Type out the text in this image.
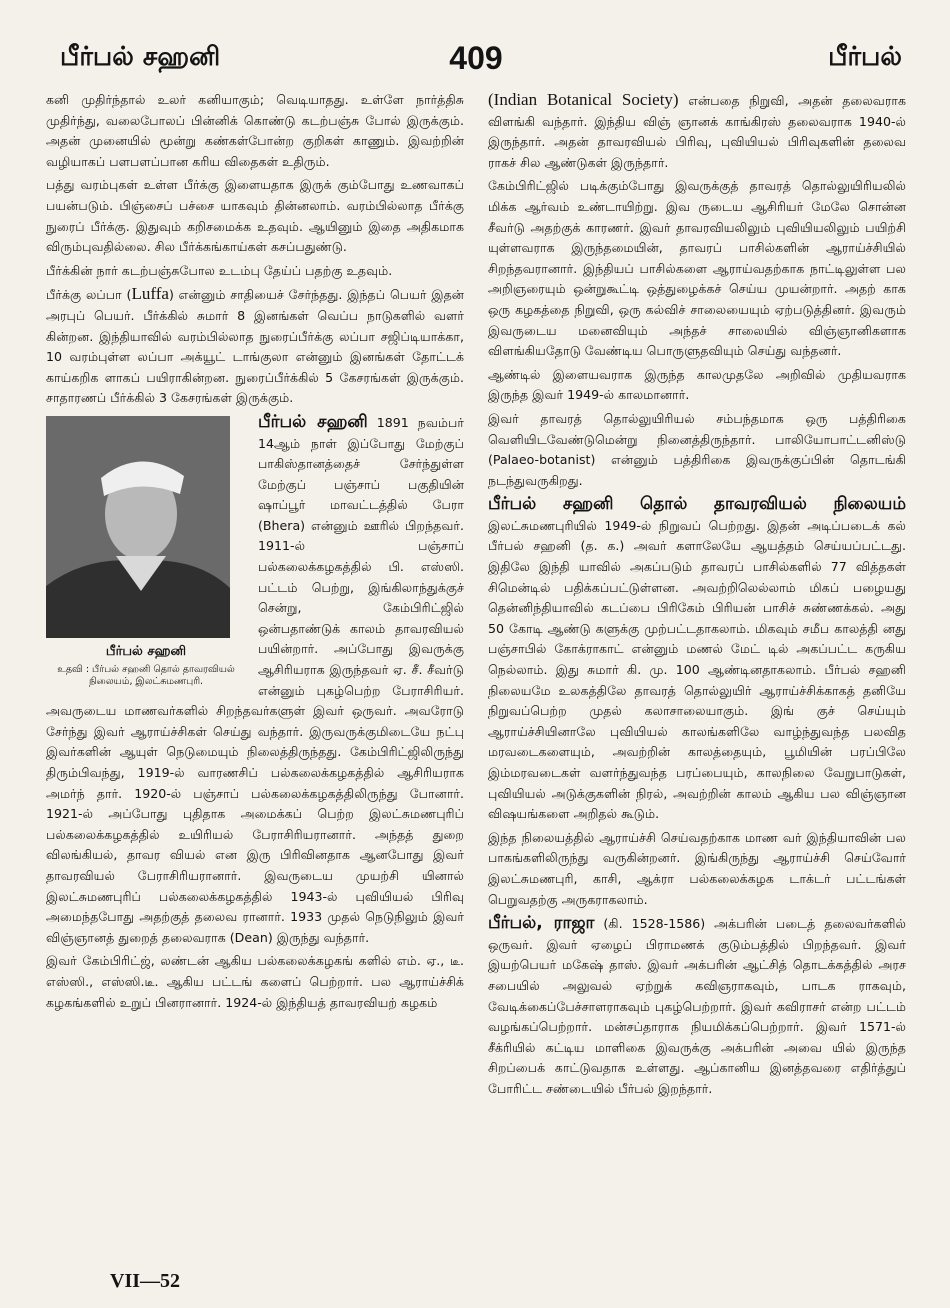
பீர்பல் சஹனி	409	பீர்பல்

கனி முதிர்ந்தால் உலர் கனியாகும்; வெடியாதது. உள்ளே நார்த்திசு முதிர்ந்து, வலைபோலப் பின்னிக் கொண்டு கடற்பஞ்சு போல் இருக்கும். அதன் முனையில் மூன்று கண்கள்போன்ற குறிகள் காணும். இவற்றின் வழியாகப் பளபளப்பான கரிய விதைகள் உதிரும்.

பத்து வரம்புகள் உள்ள பீர்க்கு இளையதாக இருக் கும்போது உணவாகப் பயன்படும். பிஞ்சைப் பச்சை யாகவும் தின்னலாம். வரம்பில்லாத பீர்க்கு நுரைப் பீர்க்கு. இதுவும் கறிசமைக்க உதவும். ஆயினும் இதை அதிகமாக விரும்புவதில்லை. சில பீர்க்கங்காய்கள் கசப்பதுண்டு.

பீர்க்கின் நார் கடற்பஞ்சுபோல உடம்பு தேய்ப் பதற்கு உதவும்.

பீர்க்கு லப்பா (Luffa) என்னும் சாதியைச் சேர்ந்தது. இந்தப் பெயர் இதன் அரபுப் பெயர். பீர்க்கில் சுமார் 8 இனங்கள் வெப்ப நாடுகளில் வளர் கின்றன. இந்தியாவில் வரம்பில்லாத நுரைப்பீர்க்கு லப்பா சஜிப்டியாக்கா, 10 வரம்புள்ள லப்பா அக்யூட் டாங்குலா என்னும் இனங்கள் தோட்டக் காய்கறிக ளாகப் பயிராகின்றன. நுரைப்பீர்க்கில் 5 கேசரங்கள் இருக்கும். சாதாரணப் பீர்க்கில் 3 கேசரங்கள் இருக்கும்.

பீர்பல் சஹனி
உதவி : பீர்பல் சஹனி தொல் தாவரவியல் நிலையம், இலட்சுமணபுரி.

பீர்பல் சஹனி 1891 நவம்பர் 14ஆம் நாள் இப்போது மேற்குப் பாகிஸ்தானத்தைச் சேர்ந்துள்ள மேற்குப் பஞ்சாப் பகுதியின் ஷாப்பூர் மாவட்டத்தில் பேரா (Bhera) என்னும் ஊரில் பிறந்தவர். 1911-ல் பஞ்சாப் பல்கலைக்கழகத்தில் பி. எஸ்ஸி. பட்டம் பெற்று, இங்கிலாந்துக்குச் சென்று, கேம்பிரிட்ஜில் ஒன்பதாண்டுக் காலம் தாவரவியல் பயின்றார். அப்போது இவருக்கு ஆசிரியராக இருந்தவர் ஏ. சீ. சீவர்டு என்னும் புகழ்பெற்ற பேராசிரியர். அவருடைய மாணவர்களில் சிறந்தவர்களுள் இவர் ஒருவர். அவரோடு சேர்ந்து இவர் ஆராய்ச்சிகள் செய்து வந்தார். இருவருக்குமிடையே நட்பு இவர்களின் ஆயுள் நெடுமையும் நிலைத்திருந்தது. கேம்பிரிட்ஜிலிருந்து திரும்பிவந்து, 1919-ல் வாரணசிப் பல்கலைக்கழகத்தில் ஆசிரியராக அமர்ந் தார். 1920-ல் பஞ்சாப் பல்கலைக்கழகத்திலிருந்து போனார். 1921-ல் அப்போது புதிதாக அமைக்கப் பெற்ற இலட்சுமணபுரிப் பல்கலைக்கழகத்தில் உயிரியல் பேராசிரியரானார். அந்தத் துறை விலங்கியல், தாவர வியல் என இரு பிரிவினதாக ஆனபோது இவர் தாவரவியல் பேராசிரியரானார். இவருடைய முயற்சி யினால் இலட்சுமணபுரிப் பல்கலைக்கழகத்தில் 1943-ல் புவியியல் பிரிவு அமைந்தபோது அதற்குத் தலைவ ரானார். 1933 முதல் நெடுநிலும் இவர் விஞ்ஞானத் துறைத் தலைவராக (Dean) இருந்து வந்தார்.

இவர் கேம்பிரிட்ஜ், லண்டன் ஆகிய பல்கலைக்கழகங் களில் எம். ஏ., டீ. எஸ்ஸி., எஸ்ஸி.டீ. ஆகிய பட்டங் களைப் பெற்றார். பல ஆராய்ச்சிக் கழகங்களில் உறுப் பினரானார். 1924-ல் இந்தியத் தாவரவியற் கழகம்

(Indian Botanical Society) என்பதை நிறுவி, அதன் தலைவராக விளங்கி வந்தார். இந்திய விஞ் ஞானக் காங்கிரஸ் தலைவராக 1940-ல் இருந்தார். அதன் தாவரவியல் பிரிவு, புவியியல் பிரிவுகளின் தலைவ ராகச் சில ஆண்டுகள் இருந்தார்.

கேம்பிரிட்ஜில் படிக்கும்போது இவருக்குத் தாவரத் தொல்லுயிரியலில் மிக்க ஆர்வம் உண்டாயிற்று. இவ ருடைய ஆசிரியர் மேலே சொன்ன சீவர்டு அதற்குக் காரணர். இவர் தாவரவியலிலும் புவியியலிலும் பயிற்சி யுள்ளவராக இருந்தமையின், தாவரப் பாசில்களின் ஆராய்ச்சியில் சிறந்தவரானார். இந்தியப் பாசில்களை ஆராய்வதற்காக நாட்டிலுள்ள பல அறிஞரையும் ஒன்றுகூட்டி ஒத்துழைக்கச் செய்ய முயன்றார். அதற் காக ஒரு கழகத்தை நிறுவி, ஒரு கல்விச் சாலையையும் ஏற்படுத்தினர். இவரும் இவருடைய மனைவியும் அந்தச் சாலையில் விஞ்ஞானிகளாக விளங்கியதோடு வேண்டிய பொருளுதவியும் செய்து வந்தனர்.

ஆண்டில் இளையவராக இருந்த காலமுதலே அறிவில் முதியவராக இருந்த இவர் 1949-ல் காலமானார்.

இவர் தாவரத் தொல்லுயிரியல் சம்பந்தமாக ஒரு பத்திரிகை வெளியிடவேண்டுமென்று நினைத்திருந்தார். பாலியோபாட்டனிஸ்டு (Palaeo-botanist) என்னும் பத்திரிகை இவருக்குப்பின் தொடங்கி நடந்துவருகிறது.

பீர்பல் சஹனி தொல் தாவரவியல் நிலையம் இலட்சுமணபுரியில் 1949-ல் நிறுவப் பெற்றது. இதன் அடிப்படைக் கல் பீர்பல் சஹனி (த. க.) அவர் களாலேயே ஆயத்தம் செய்யப்பட்டது. இதிலே இந்தி யாவில் அகப்படும் தாவரப் பாசில்களில் 77 வித்தகள் சிமென்டில் பதிக்கப்பட்டுள்ளன. அவற்றிலெல்லாம் மிகப் பழையது தென்னிந்தியாவில் கடப்பை பிரிகேம் பிரியன் பாசிச் சுண்ணக்கல். அது 50 கோடி ஆண்டு களுக்கு முற்பட்டதாகலாம். மிகவும் சமீப காலத்தி னது பஞ்சாபில் கோக்ராகாட் என்னும் மணல் மேட் டில் அகப்பட்ட கருகிய நெல்லாம். இது சுமார் கி. மு. 100 ஆண்டினதாகலாம். பீர்பல் சஹனி நிலையமே உலகத்திலே தாவரத் தொல்லுயிர் ஆராய்ச்சிக்காகத் தனியே நிறுவப்பெற்ற முதல் கலாசாலையாகும். இங் குச் செய்யும் ஆராய்ச்சியினாலே புவியியல் காலங்களிலே வாழ்ந்துவந்த பலவித மரவடைகளையும், அவற்றின் காலத்தையும், பூமியின் பரப்பிலே இம்மரவடைகள் வளர்ந்துவந்த பரப்பையும், காலநிலை வேறுபாடுகள், புவியியல் அடுக்குகளின் நிரல், அவற்றின் காலம் ஆகிய பல விஞ்ஞான விஷயங்களை அறிதல் கூடும்.

இந்த நிலையத்தில் ஆராய்ச்சி செய்வதற்காக மாண வர் இந்தியாவின் பல பாகங்களிலிருந்து வருகின்றனர். இங்கிருந்து ஆராய்ச்சி செய்வோர் இலட்சுமணபுரி, காசி, ஆக்ரா பல்கலைக்கழக டாக்டர் பட்டங்கள் பெறுவதற்கு அருகராகலாம்.

பீர்பல், ராஜா (கி. 1528-1586) அக்பரின் படைத் தலைவர்களில் ஒருவர். இவர் ஏழைப் பிராமணக் குடும்பத்தில் பிறந்தவர். இவர் இயற்பெயர் மகேஷ் தாஸ். இவர் அக்பரின் ஆட்சித் தொடக்கத்தில் அரச சபையில் அலுவல் ஏற்றுக் கவிஞராகவும், பாடக ராகவும், வேடிக்கைப்பேச்சாளராகவும் புகழ்பெற்றார். இவர் கவிராசர் என்ற பட்டம் வழங்கப்பெற்றார். மன்சப்தாராக நியமிக்கப்பெற்றார். இவர் 1571-ல் சீக்ரியில் கட்டிய மாளிகை இவருக்கு அக்பரின் அவை யில் இருந்த சிறப்பைக் காட்டுவதாக உள்ளது. ஆப்கானிய இனத்தவரை எதிர்த்துப் போரிட்ட சண்டையில் பீர்பல் இறந்தார்.

VII—52
